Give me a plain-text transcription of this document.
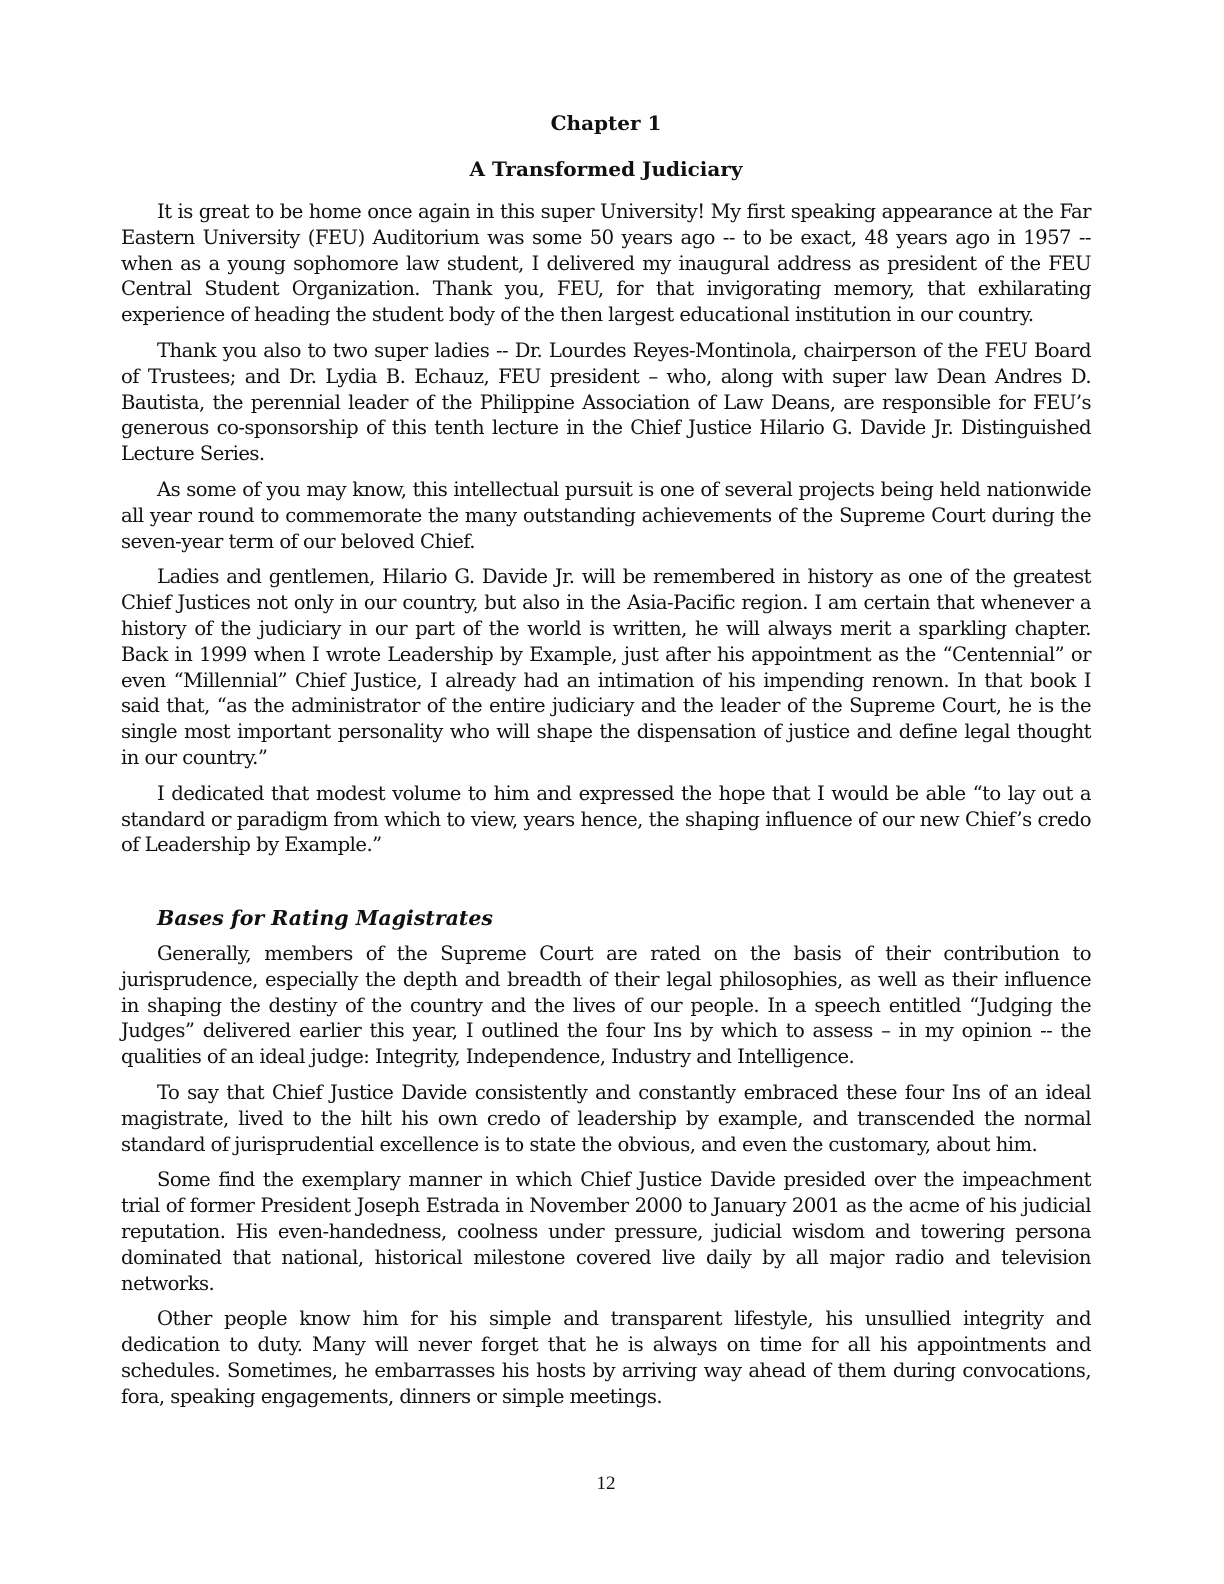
Chapter 1
A Transformed Judiciary

It is great to be home once again in this super University! My first speaking appearance at the Far Eastern University (FEU) Auditorium was some 50 years ago -- to be exact, 48 years ago in 1957 -- when as a young sophomore law student, I delivered my inaugural address as president of the FEU Central Student Organization. Thank you, FEU, for that invigorating memory, that exhilarating experience of heading the student body of the then largest educational institution in our country.

Thank you also to two super ladies -- Dr. Lourdes Reyes-Montinola, chairperson of the FEU Board of Trustees; and Dr. Lydia B. Echauz, FEU president – who, along with super law Dean Andres D. Bautista, the perennial leader of the Philippine Association of Law Deans, are responsible for FEU’s generous co-sponsorship of this tenth lecture in the Chief Justice Hilario G. Davide Jr. Distinguished Lecture Series.

As some of you may know, this intellectual pursuit is one of several projects being held nationwide all year round to commemorate the many outstanding achievements of the Supreme Court during the seven-year term of our beloved Chief.

Ladies and gentlemen, Hilario G. Davide Jr. will be remembered in history as one of the greatest Chief Justices not only in our country, but also in the Asia-Pacific region. I am certain that whenever a history of the judiciary in our part of the world is written, he will always merit a sparkling chapter. Back in 1999 when I wrote Leadership by Example, just after his appointment as the “Centennial” or even “Millennial” Chief Justice, I already had an intimation of his impending renown. In that book I said that, “as the administrator of the entire judiciary and the leader of the Supreme Court, he is the single most important personality who will shape the dispensation of justice and define legal thought in our country.”

I dedicated that modest volume to him and expressed the hope that I would be able “to lay out a standard or paradigm from which to view, years hence, the shaping influence of our new Chief’s credo of Leadership by Example.”

Bases for Rating Magistrates

Generally, members of the Supreme Court are rated on the basis of their contribution to jurisprudence, especially the depth and breadth of their legal philosophies, as well as their influence in shaping the destiny of the country and the lives of our people. In a speech entitled “Judging the Judges” delivered earlier this year, I outlined the four Ins by which to assess – in my opinion -- the qualities of an ideal judge: Integrity, Independence, Industry and Intelligence.

To say that Chief Justice Davide consistently and constantly embraced these four Ins of an ideal magistrate, lived to the hilt his own credo of leadership by example, and transcended the normal standard of jurisprudential excellence is to state the obvious, and even the customary, about him.

Some find the exemplary manner in which Chief Justice Davide presided over the impeachment trial of former President Joseph Estrada in November 2000 to January 2001 as the acme of his judicial reputation. His even-handedness, coolness under pressure, judicial wisdom and towering persona dominated that national, historical milestone covered live daily by all major radio and television networks.

Other people know him for his simple and transparent lifestyle, his unsullied integrity and dedication to duty. Many will never forget that he is always on time for all his appointments and schedules. Sometimes, he embarrasses his hosts by arriving way ahead of them during convocations, fora, speaking engagements, dinners or simple meetings.

12
